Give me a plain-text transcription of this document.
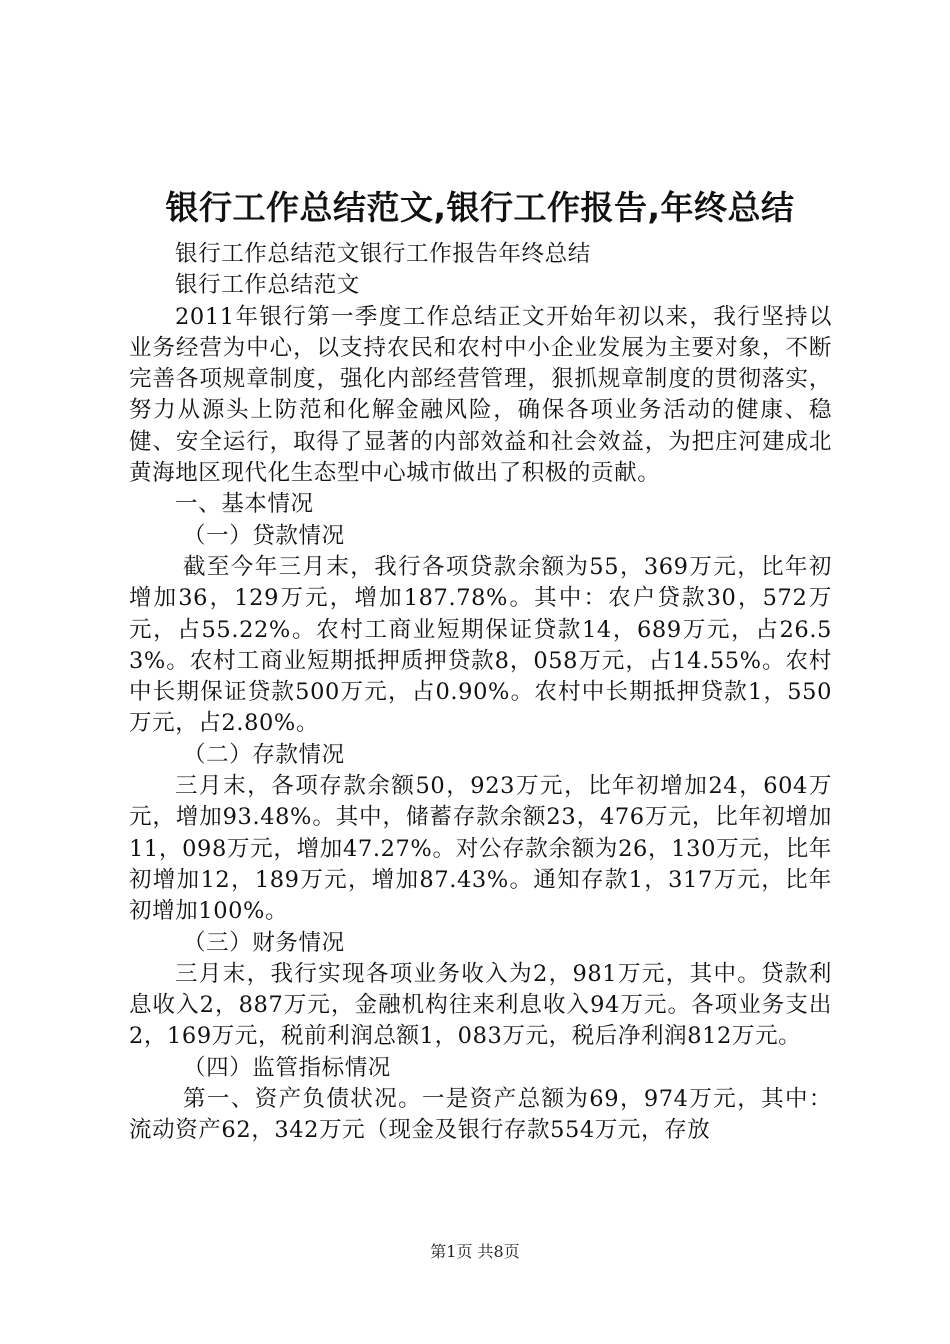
银行工作总结范文,银行工作报告,年终总结

银行工作总结范文银行工作报告年终总结

银行工作总结范文

2011年银行第一季度工作总结正文开始年初以来，我行坚持以业务经营为中心，以支持农民和农村中小企业发展为主要对象，不断完善各项规章制度，强化内部经营管理，狠抓规章制度的贯彻落实，努力从源头上防范和化解金融风险，确保各项业务活动的健康、稳健、安全运行，取得了显著的内部效益和社会效益，为把庄河建成北黄海地区现代化生态型中心城市做出了积极的贡献。

一、基本情况

（一）贷款情况

截至今年三月末，我行各项贷款余额为55，369万元，比年初增加36，129万元，增加187.78%。其中：农户贷款30，572万元，占55.22%。农村工商业短期保证贷款14，689万元，占26.53%。农村工商业短期抵押质押贷款8，058万元，占14.55%。农村中长期保证贷款500万元，占0.90%。农村中长期抵押贷款1，550万元，占2.80%。

（二）存款情况

三月末，各项存款余额50，923万元，比年初增加24，604万元，增加93.48%。其中，储蓄存款余额23，476万元，比年初增加11，098万元，增加47.27%。对公存款余额为26，130万元，比年初增加12，189万元，增加87.43%。通知存款1，317万元，比年初增加100%。

（三）财务情况

三月末，我行实现各项业务收入为2，981万元，其中。贷款利息收入2，887万元，金融机构往来利息收入94万元。各项业务支出2，169万元，税前利润总额1，083万元，税后净利润812万元。

（四）监管指标情况

第一、资产负债状况。一是资产总额为69，974万元，其中：流动资产62，342万元（现金及银行存款554万元，存放

第1页 共8页
